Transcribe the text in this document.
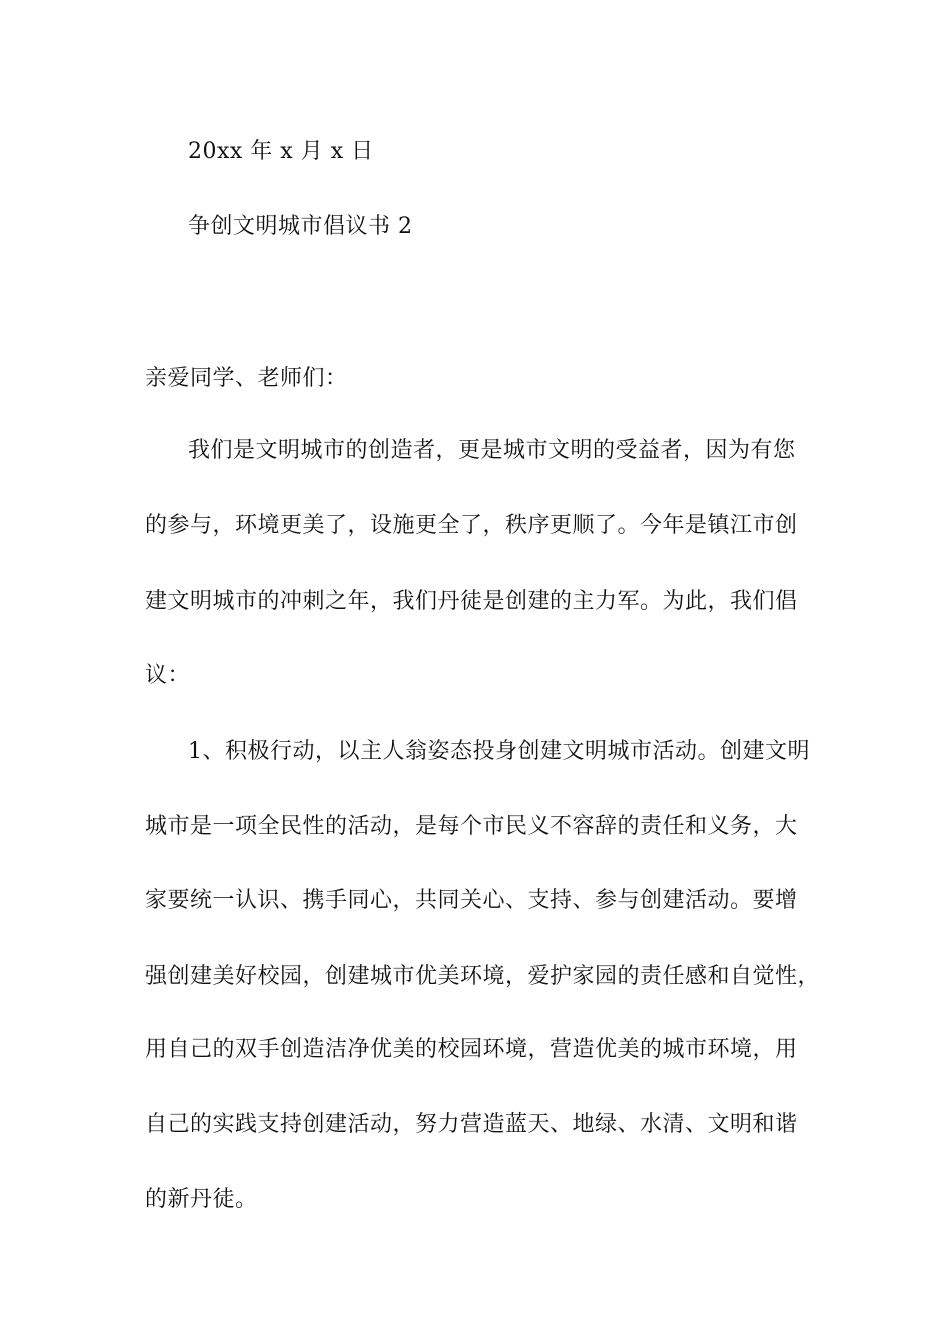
20xx 年 x 月 x 日
争创文明城市倡议书 2
亲爱同学、老师们：
我们是文明城市的创造者，更是城市文明的受益者，因为有您
的参与，环境更美了，设施更全了，秩序更顺了。今年是镇江市创
建文明城市的冲刺之年，我们丹徒是创建的主力军。为此，我们倡
议：
1、积极行动，以主人翁姿态投身创建文明城市活动。创建文明
城市是一项全民性的活动，是每个市民义不容辞的责任和义务，大
家要统一认识、携手同心，共同关心、支持、参与创建活动。要增
强创建美好校园，创建城市优美环境，爱护家园的责任感和自觉性，
用自己的双手创造洁净优美的校园环境，营造优美的城市环境，用
自己的实践支持创建活动，努力营造蓝天、地绿、水清、文明和谐
的新丹徒。
